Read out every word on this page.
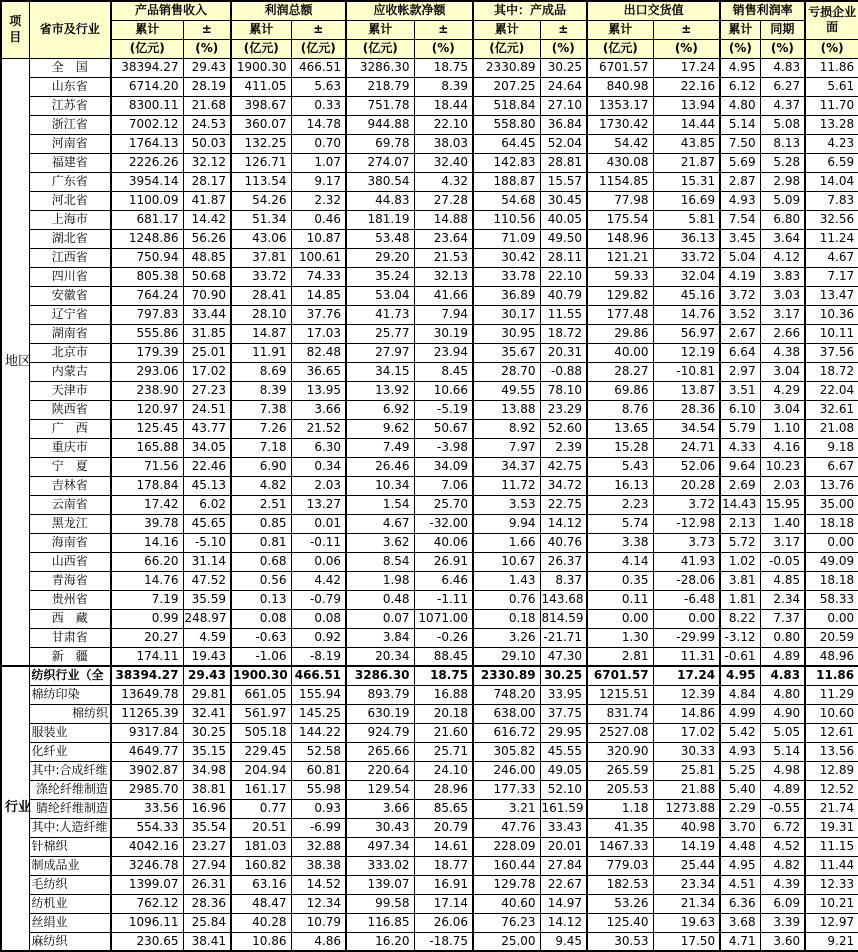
项目	省市及行业	产品销售收入		利润总额		应收帐款净额		其中：产成品		出口交货值		销售利润率		亏损企业面
		累计	±	累计	±	累计	±	累计	±	累计	±	累计	同期	
		(亿元)	(%)	(亿元)	(亿元)	(亿元)	(%)	(亿元)	(%)	(亿元)	(%)	(%)	(%)	(%)
地区	全　国	38394.27	29.43	1900.30	466.51	3286.30	18.75	2330.89	30.25	6701.57	17.24	4.95	4.83	11.86
	山东省	6714.20	28.19	411.05	5.63	218.79	8.39	207.25	24.64	840.98	22.16	6.12	6.27	5.61
	江苏省	8300.11	21.68	398.67	0.33	751.78	18.44	518.84	27.10	1353.17	13.94	4.80	4.37	11.70
	浙江省	7002.12	24.53	360.07	14.78	944.88	22.10	558.80	36.84	1730.42	14.44	5.14	5.08	13.28
	河南省	1764.13	50.03	132.25	0.70	69.78	38.03	64.45	52.04	54.42	43.85	7.50	8.13	4.23
	福建省	2226.26	32.12	126.71	1.07	274.07	32.40	142.83	28.81	430.08	21.87	5.69	5.28	6.59
	广东省	3954.14	28.17	113.54	9.17	380.54	4.32	188.87	15.57	1154.85	15.31	2.87	2.98	14.04
	河北省	1100.09	41.87	54.26	2.32	44.83	27.28	54.68	30.45	77.98	16.69	4.93	5.09	7.83
	上海市	681.17	14.42	51.34	0.46	181.19	14.88	110.56	40.05	175.54	5.81	7.54	6.80	32.56
	湖北省	1248.86	56.26	43.06	10.87	53.48	23.64	71.09	49.50	148.96	36.13	3.45	3.64	11.24
	江西省	750.94	48.85	37.81	100.61	29.20	21.53	30.42	28.11	121.21	33.72	5.04	4.12	4.67
	四川省	805.38	50.68	33.72	74.33	35.24	32.13	33.78	22.10	59.33	32.04	4.19	3.83	7.17
	安徽省	764.24	70.90	28.41	14.85	53.04	41.66	36.89	40.79	129.82	45.16	3.72	3.03	13.47
	辽宁省	797.83	33.44	28.10	37.76	41.73	7.94	30.17	11.55	177.48	14.76	3.52	3.17	10.36
	湖南省	555.86	31.85	14.87	17.03	25.77	30.19	30.95	18.72	29.86	56.97	2.67	2.66	10.11
	北京市	179.39	25.01	11.91	82.48	27.97	23.94	35.67	20.31	40.00	12.19	6.64	4.38	37.56
	内蒙古	293.06	17.02	8.69	36.65	34.15	8.45	28.70	-0.88	28.27	-10.81	2.97	3.04	18.72
	天津市	238.90	27.23	8.39	13.95	13.92	10.66	49.55	78.10	69.86	13.87	3.51	4.29	22.04
	陕西省	120.97	24.51	7.38	3.66	6.92	-5.19	13.88	23.29	8.76	28.36	6.10	3.04	32.61
	广　西	125.45	43.77	7.26	21.52	9.62	50.67	8.92	52.60	13.65	34.54	5.79	1.10	21.08
	重庆市	165.88	34.05	7.18	6.30	7.49	-3.98	7.97	2.39	15.28	24.71	4.33	4.16	9.18
	宁　夏	71.56	22.46	6.90	0.34	26.46	34.09	34.37	42.75	5.43	52.06	9.64	10.23	6.67
	吉林省	178.84	45.13	4.82	2.03	10.34	7.06	11.72	34.72	16.13	20.28	2.69	2.03	13.76
	云南省	17.42	6.02	2.51	13.27	1.54	25.70	3.53	22.75	2.23	3.72	14.43	15.95	35.00
	黑龙江	39.78	45.65	0.85	0.01	4.67	-32.00	9.94	14.12	5.74	-12.98	2.13	1.40	18.18
	海南省	14.16	-5.10	0.81	-0.11	3.62	40.06	1.66	40.76	3.38	3.73	5.72	3.17	0.00
	山西省	66.20	31.14	0.68	0.06	8.54	26.91	10.67	26.37	4.14	41.93	1.02	-0.05	49.09
	青海省	14.76	47.52	0.56	4.42	1.98	6.46	1.43	8.37	0.35	-28.06	3.81	4.85	18.18
	贵州省	7.19	35.59	0.13	-0.79	0.48	-1.11	0.76	143.68	0.11	-6.48	1.81	2.34	58.33
	西　藏	0.99	248.97	0.08	0.08	0.07	1071.00	0.18	814.59	0.00	0.00	8.22	7.37	0.00
	甘肃省	20.27	4.59	-0.63	0.92	3.84	-0.26	3.26	-21.71	1.30	-29.99	-3.12	0.80	20.59
	新　疆	174.11	19.43	-1.06	-8.19	20.34	88.45	29.10	47.30	2.81	11.31	-0.61	4.89	48.96
行业	纺织行业（全	38394.27	29.43	1900.30	466.51	3286.30	18.75	2330.89	30.25	6701.57	17.24	4.95	4.83	11.86
	棉纺印染	13649.78	29.81	661.05	155.94	893.79	16.88	748.20	33.95	1215.51	12.39	4.84	4.80	11.29
	棉纺织	11265.39	32.41	561.97	145.25	630.19	20.18	638.00	37.75	831.74	14.86	4.99	4.90	10.60
	服装业	9317.84	30.25	505.18	144.22	924.79	21.60	616.72	29.95	2527.08	17.02	5.42	5.05	12.61
	化纤业	4649.77	35.15	229.45	52.58	265.66	25.71	305.82	45.55	320.90	30.33	4.93	5.14	13.56
	其中:合成纤维	3902.87	34.98	204.94	60.81	220.64	24.10	246.00	49.05	265.59	25.81	5.25	4.98	12.89
	涤纶纤维制造	2985.70	38.81	161.17	55.98	129.54	28.96	177.33	52.10	205.53	21.88	5.40	4.89	12.52
	腈纶纤维制造	33.56	16.96	0.77	0.93	3.66	85.65	3.21	161.59	1.18	1273.88	2.29	-0.55	21.74
	其中:人造纤维	554.33	35.54	20.51	-6.99	30.43	20.79	47.76	33.43	41.35	40.98	3.70	6.72	19.31
	针棉织	4042.16	23.27	181.03	32.88	497.34	14.61	228.09	20.01	1467.33	14.19	4.48	4.52	11.15
	制成品业	3246.78	27.94	160.82	38.38	333.02	18.77	160.44	27.84	779.03	25.44	4.95	4.82	11.44
	毛纺织	1399.07	26.31	63.16	14.52	139.07	16.91	129.78	22.67	182.53	23.34	4.51	4.39	12.33
	纺机业	762.12	28.36	48.47	12.34	99.58	17.14	40.60	14.97	53.26	21.34	6.36	6.09	10.21
	丝绢业	1096.11	25.84	40.28	10.79	116.85	26.06	76.23	14.12	125.40	19.63	3.68	3.39	12.97
	麻纺织	230.65	38.41	10.86	4.86	16.20	-18.75	25.00	9.45	30.53	17.50	4.71	3.60	9.21
